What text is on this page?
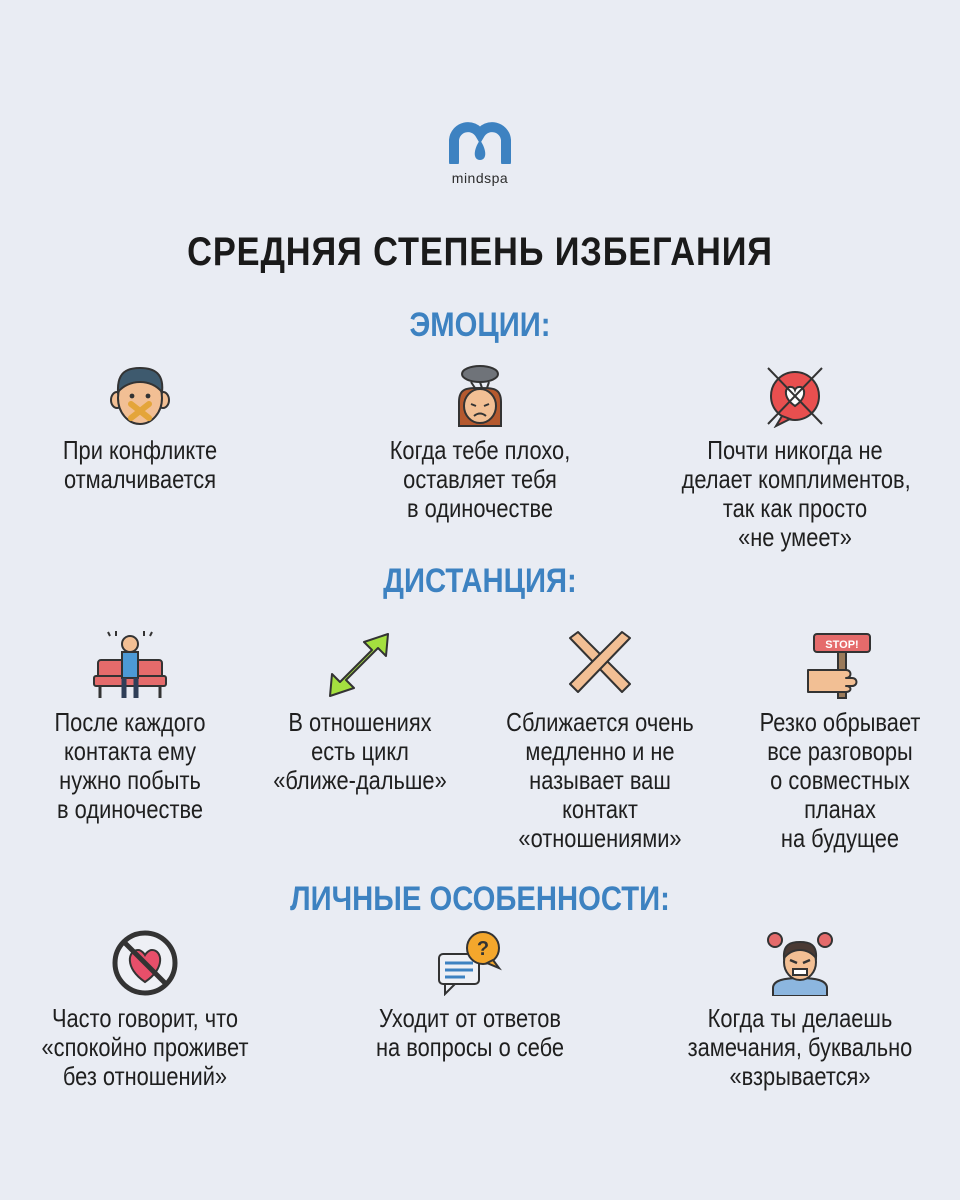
mindspa
СРЕДНЯЯ СТЕПЕНЬ ИЗБЕГАНИЯ
ЭМОЦИИ:
При конфликте
отмалчивается
Когда тебе плохо,
оставляет тебя
в одиночестве
Почти никогда не
делает комплиментов,
так как просто
«не умеет»
ДИСТАНЦИЯ:
После каждого
контакта ему
нужно побыть
в одиночестве
В отношениях
есть цикл
«ближе-дальше»
Сближается очень
медленно и не
называет ваш
контакт
«отношениями»
STOP!
Резко обрывает
все разговоры
о совместных
планах
на будущее
ЛИЧНЫЕ ОСОБЕННОСТИ:
Часто говорит, что
«спокойно проживет
без отношений»
?
Уходит от ответов
на вопросы о себе
Когда ты делаешь
замечания, буквально
«взрывается»
